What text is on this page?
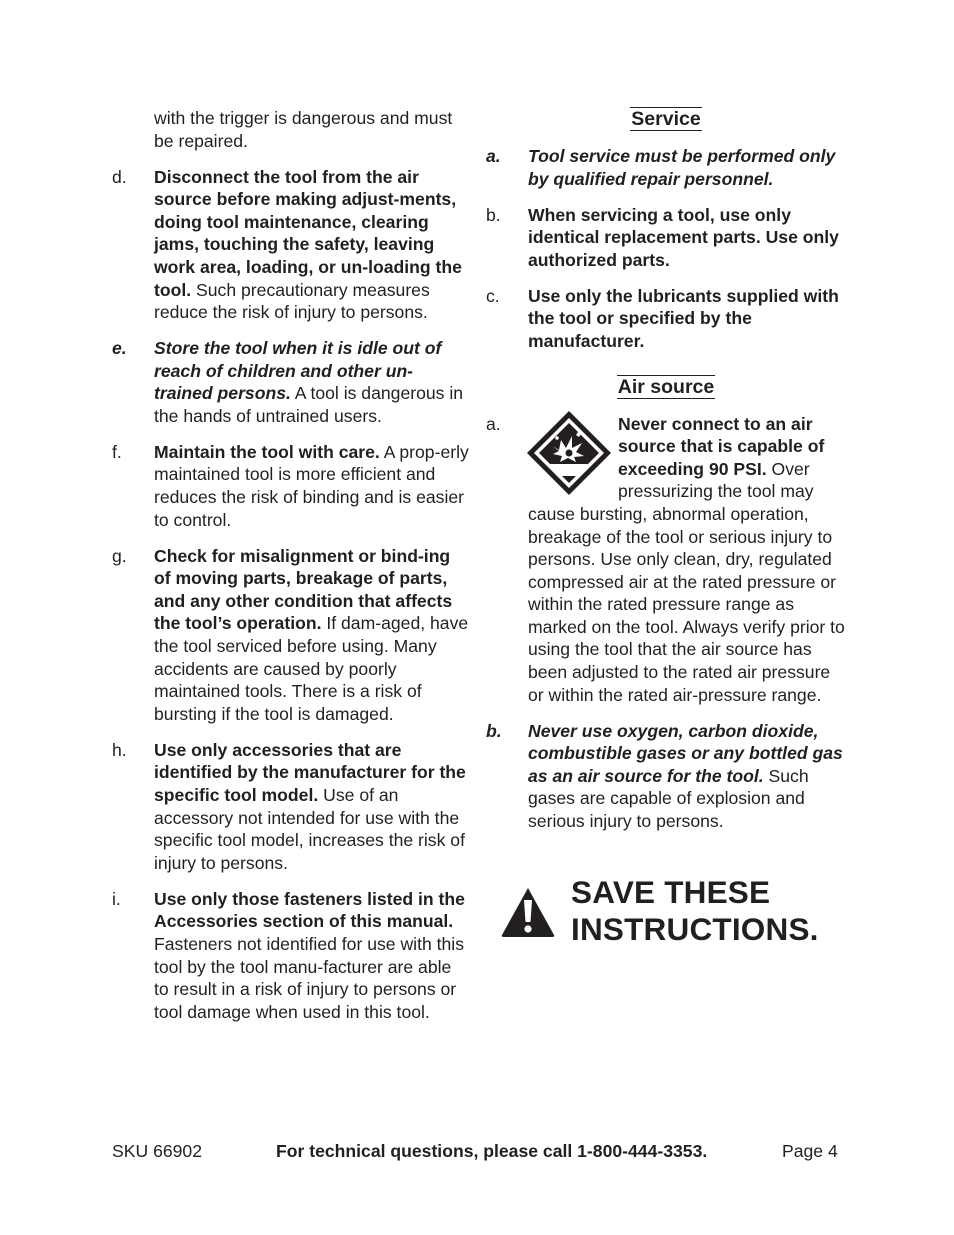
with the trigger is dangerous and must be repaired.
d. Disconnect the tool from the air source before making adjust-ments, doing tool maintenance, clearing jams, touching the safety, leaving work area, loading, or un-loading the tool. Such precautionary measures reduce the risk of injury to persons.
e. Store the tool when it is idle out of reach of children and other un-trained persons. A tool is dangerous in the hands of untrained users.
f. Maintain the tool with care. A prop-erly maintained tool is more efficient and reduces the risk of binding and is easier to control.
g. Check for misalignment or bind-ing of moving parts, breakage of parts, and any other condition that affects the tool’s operation. If dam-aged, have the tool serviced before using. Many accidents are caused by poorly maintained tools. There is a risk of bursting if the tool is damaged.
h. Use only accessories that are identified by the manufacturer for the specific tool model. Use of an accessory not intended for use with the specific tool model, increases the risk of injury to persons.
i. Use only those fasteners listed in the Accessories section of this manual. Fasteners not identified for use with this tool by the tool manu-facturer are able to result in a risk of injury to persons or tool damage when used in this tool.
Service
a. Tool service must be performed only by qualified repair personnel.
b. When servicing a tool, use only identical replacement parts. Use only authorized parts.
c. Use only the lubricants supplied with the tool or specified by the manufacturer.
Air source
a.	Never connect to an air source that is capable of exceeding 90 PSI. Over pressurizing the tool may cause bursting, abnormal operation, breakage of the tool or serious injury to persons. Use only clean, dry, regulated compressed air at the rated pressure or within the rated pressure range as marked on the tool. Always verify prior to using the tool that the air source has been adjusted to the rated air pressure or within the rated air-pressure range.
b. Never use oxygen, carbon dioxide, combustible gases or any bottled gas as an air source for the tool. Such gases are capable of explosion and serious injury to persons.
SAVE THESE
INSTRUCTIONS.
SKU 66902	For technical questions, please call 1-800-444-3353.	Page 4
